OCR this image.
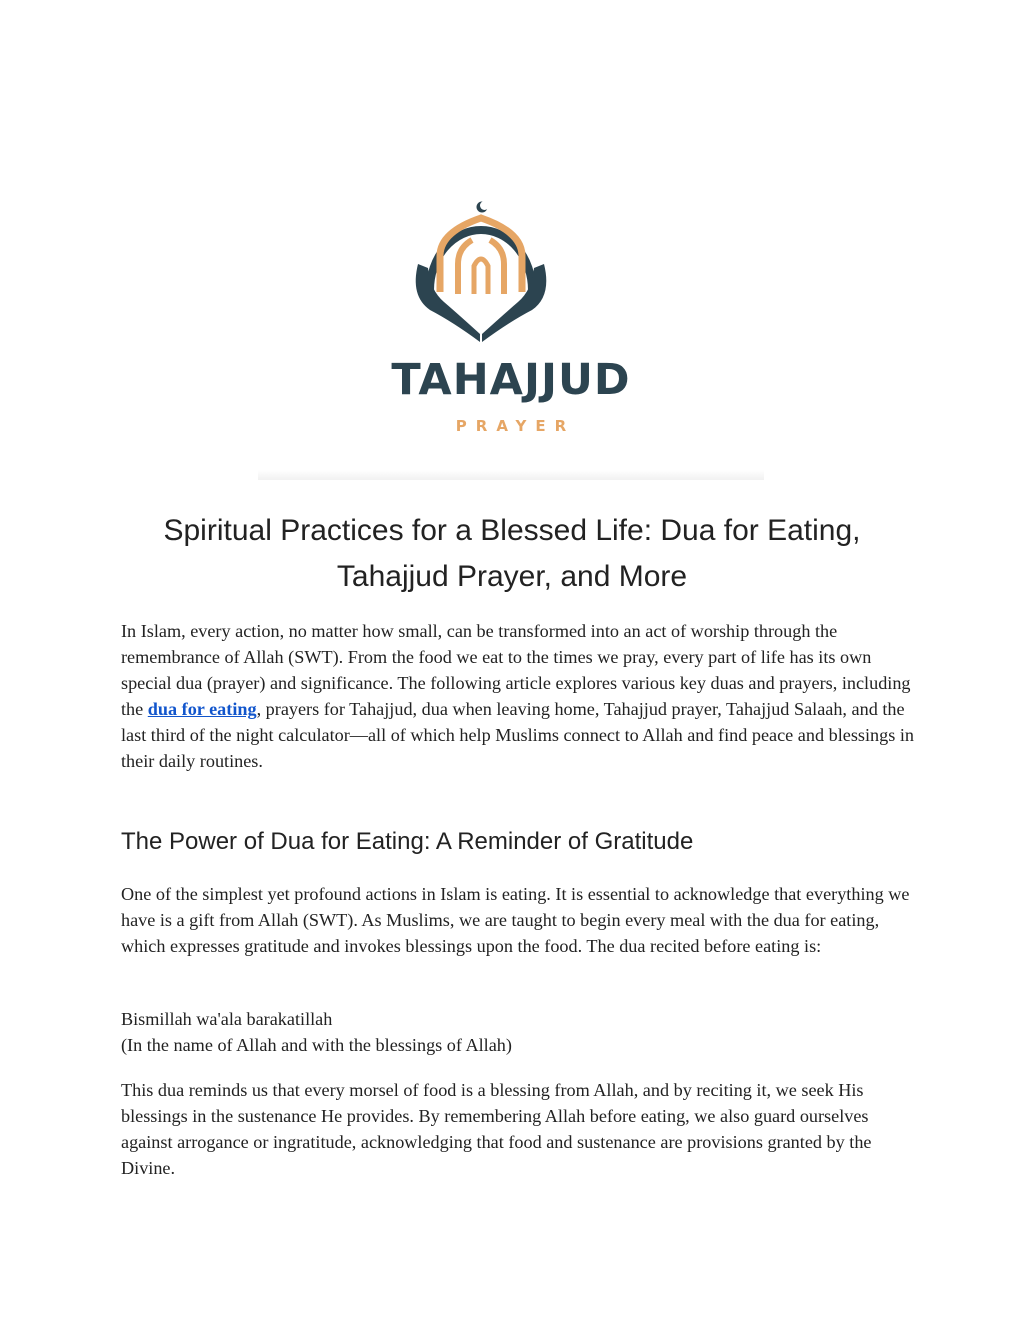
TAHAJJUD
PRAYER
Spiritual Practices for a Blessed Life: Dua for Eating, Tahajjud Prayer, and More

In Islam, every action, no matter how small, can be transformed into an act of worship through the remembrance of Allah (SWT). From the food we eat to the times we pray, every part of life has its own special dua (prayer) and significance. The following article explores various key duas and prayers, including the dua for eating, prayers for Tahajjud, dua when leaving home, Tahajjud prayer, Tahajjud Salaah, and the last third of the night calculator—all of which help Muslims connect to Allah and find peace and blessings in their daily routines.

The Power of Dua for Eating: A Reminder of Gratitude

One of the simplest yet profound actions in Islam is eating. It is essential to acknowledge that everything we have is a gift from Allah (SWT). As Muslims, we are taught to begin every meal with the dua for eating, which expresses gratitude and invokes blessings upon the food. The dua recited before eating is:

Bismillah wa'ala barakatillah
(In the name of Allah and with the blessings of Allah)

This dua reminds us that every morsel of food is a blessing from Allah, and by reciting it, we seek His blessings in the sustenance He provides. By remembering Allah before eating, we also guard ourselves against arrogance or ingratitude, acknowledging that food and sustenance are provisions granted by the Divine.
